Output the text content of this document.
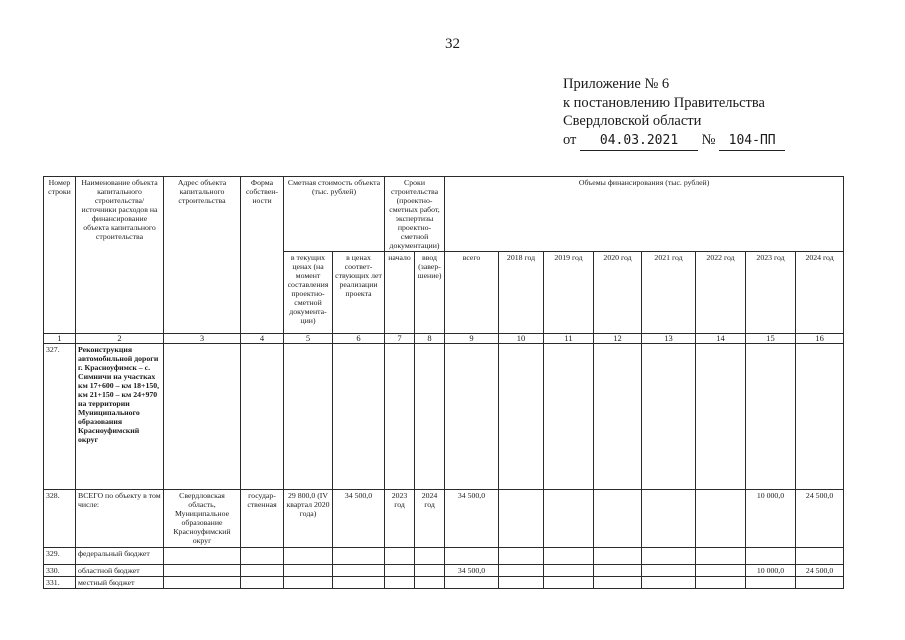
32
Приложение № 6
к постановлению Правительства
Свердловской области
от 04.03.2021 № 104-ПП
Номер строки	Наименование объекта капитального строительства/ источники расходов на финансирование объекта капитального строительства	Адрес объекта капитального строительства	Форма собствен-ности	Сметная стоимость объекта (тыс. рублей)		Сроки строительства (проектно-сметных работ, экспертизы проектно-сметной документации)		Объемы финансирования (тыс. рублей)							
				в текущих ценах (на момент составления проектно-сметной документа-ции)	в ценах соответ-ствующих лет реализации проекта	начало	ввод (завер-шение)	всего	2018 год	2019 год	2020 год	2021 год	2022 год	2023 год	2024 год
1	2	3	4	5	6	7	8	9	10	11	12	13	14	15	16
327.	Реконструкция автомобильной дороги г. Красноуфимск – с. Симничи на участках км 17+600 – км 18+150, км 21+150 – км 24+970 на территории Муниципального образования Красноуфимский округ														
328.	ВСЕГО по объекту в том числе:	Свердловская область, Муниципальное образование Красноуфимский округ	государ-ственная	29 800,0 (IV квартал 2020 года)	34 500,0	2023 год	2024 год	34 500,0						10 000,0	24 500,0
329.	федеральный бюджет														
330.	областной бюджет							34 500,0						10 000,0	24 500,0
331.	местный бюджет														
